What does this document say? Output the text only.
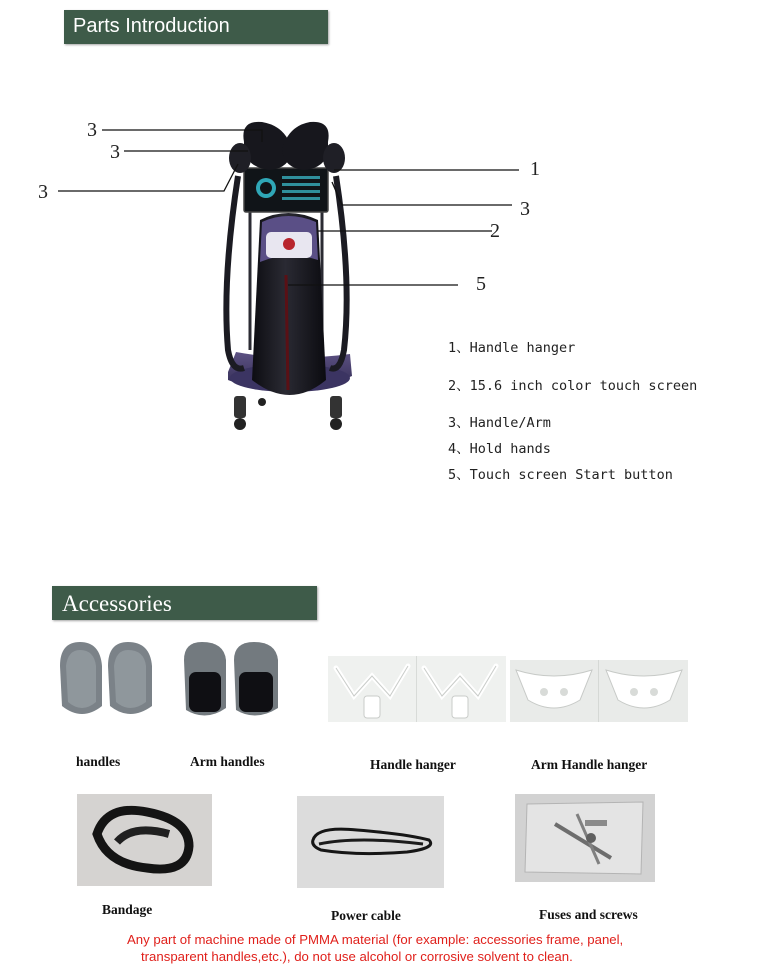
Parts Introduction
3
3
3
1
3
2
5
1、Handle hanger
2、15.6 inch color touch screen
3、Handle/Arm
4、Hold hands
5、Touch screen Start button
Accessories
handles	Arm handles	Handle hanger	Arm Handle hanger
Bandage	Power cable	Fuses and screws
Any part of machine made of PMMA material (for example: accessories frame, panel,
transparent handles,etc.), do not use alcohol or corrosive solvent to clean.
